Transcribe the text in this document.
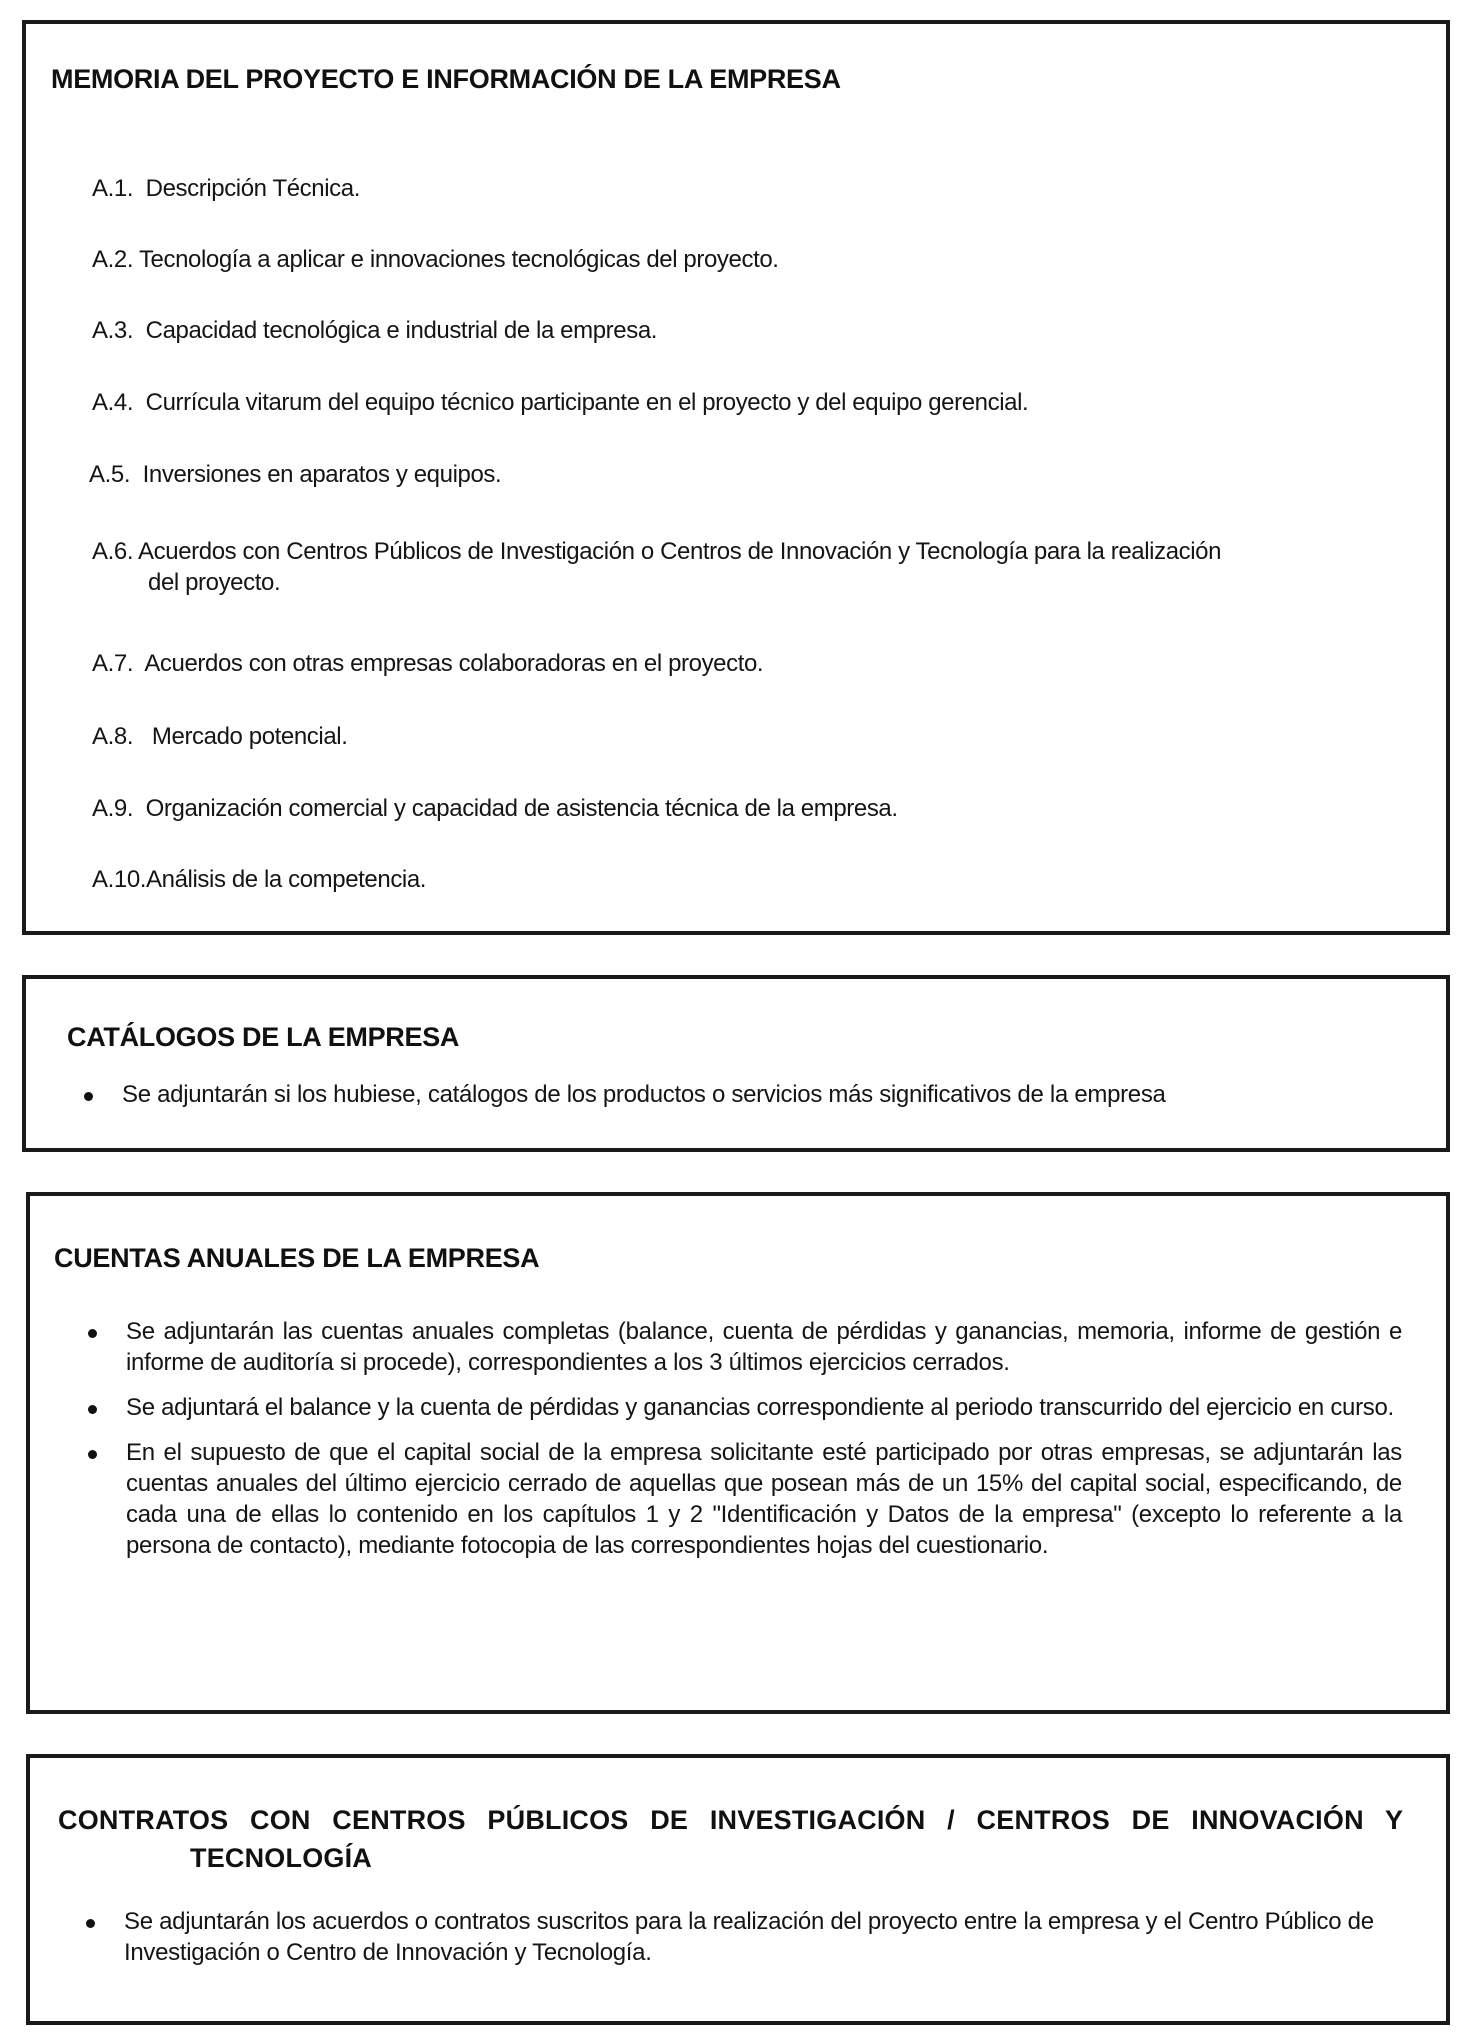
MEMORIA DEL PROYECTO E INFORMACIÓN DE LA EMPRESA
A.1. Descripción Técnica.
A.2. Tecnología a aplicar e innovaciones tecnológicas del proyecto.
A.3. Capacidad tecnológica e industrial de la empresa.
A.4. Currícula vitarum del equipo técnico participante en el proyecto y del equipo gerencial.
A.5. Inversiones en aparatos y equipos.
A.6. Acuerdos con Centros Públicos de Investigación o Centros de Innovación y Tecnología para la realización
del proyecto.
A.7. Acuerdos con otras empresas colaboradoras en el proyecto.
A.8. Mercado potencial.
A.9. Organización comercial y capacidad de asistencia técnica de la empresa.
A.10.Análisis de la competencia.
CATÁLOGOS DE LA EMPRESA
Se adjuntarán si los hubiese, catálogos de los productos o servicios más significativos de la empresa
CUENTAS ANUALES DE LA EMPRESA
Se adjuntarán las cuentas anuales completas (balance, cuenta de pérdidas y ganancias, memoria, informe de gestión e informe de auditoría si procede), correspondientes a los 3 últimos ejercicios cerrados.
Se adjuntará el balance y la cuenta de pérdidas y ganancias correspondiente al periodo transcurrido del ejercicio en curso.
En el supuesto de que el capital social de la empresa solicitante esté participado por otras empresas, se adjuntarán las cuentas anuales del último ejercicio cerrado de aquellas que posean más de un 15% del capital social, especificando, de cada una de ellas lo contenido en los capítulos 1 y 2 "Identificación y Datos de la empresa" (excepto lo referente a la persona de contacto), mediante fotocopia de las correspondientes hojas del cuestionario.
CONTRATOS CON CENTROS PÚBLICOS DE INVESTIGACIÓN / CENTROS DE INNOVACIÓN Y
TECNOLOGÍA
Se adjuntarán los acuerdos o contratos suscritos para la realización del proyecto entre la empresa y el Centro Público de Investigación o Centro de Innovación y Tecnología.
